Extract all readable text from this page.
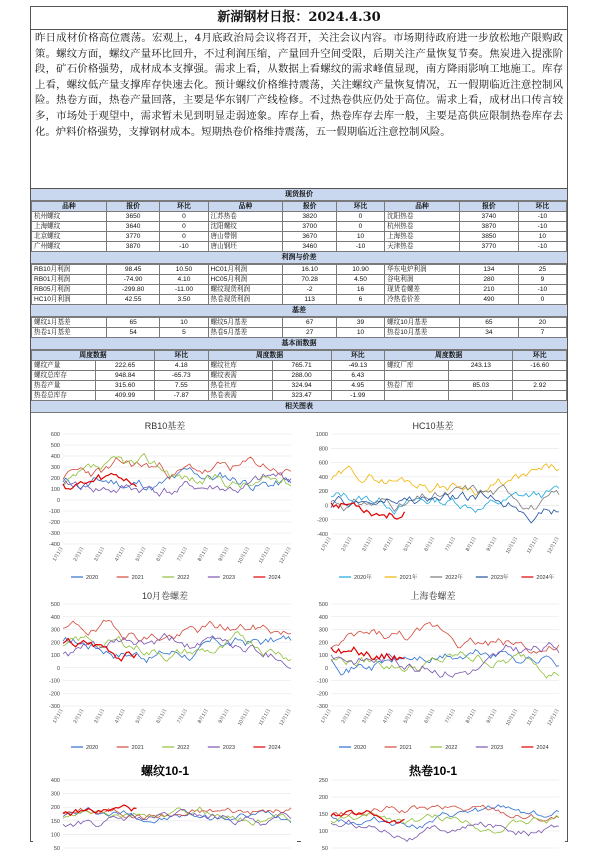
新湖钢材日报：2024.4.30
昨日成材价格高位震荡。宏观上，4月底政治局会议将召开，关注会议内容。市场期待政府进一步放松地产限购政策。螺纹方面，螺纹产量环比回升，不过利润压缩，产量回升空间受限，后期关注产量恢复节奏。焦炭进入提涨阶段，矿石价格强势，成材成本支撑强。需求上看，从数据上看螺纹的需求峰值显现，南方降雨影响工地施工。库存上看，螺纹低产量支撑库存快速去化。预计螺纹价格维持震荡，关注螺纹产量恢复情况，五一假期临近注意控制风险。热卷方面，热卷产量回落，主要是华东钢厂产线检修。不过热卷供应仍处于高位。需求上看，成材出口传言较多，市场处于观望中，需求暂未见到明显走弱迹象。库存上看，热卷库存去库一般，主要是高供应限制热卷库存去化。炉料价格强势，支撑钢材成本。短期热卷价格维持震荡，五一假期临近注意控制风险。
现货报价
品种	报价	环比	品种	报价	环比	品种	报价	环比
杭州螺纹	3650	0	江苏热卷	3820	0	沈阳热卷	3740	-10
上海螺纹	3640	0	沈阳螺纹	3700	0	杭州热卷	3870	-10
北京螺纹	3770	0	唐山带钢	3670	10	上海热卷	3850	10
广州螺纹	3870	-10	唐山钢坯	3460	-10	天津热卷	3770	-10
利润与价差
RB10月利润	98.45	10.50	HC01月利润	16.10	10.90	华东电炉利润	134	25
RB01月利润	-74.90	4.10	HC05月利润	70.28	4.50	谷电利润	280	9
RB05月利润	-299.80	-11.00	螺纹现货利润	-2	16	现货卷螺差	210	-10
HC10月利润	42.55	3.50	热卷现货利润	113	6	冷热卷价差	490	0
基差
螺纹1月基差	65	10	螺纹5月基差	67	39	螺纹10月基差	65	20
热卷1月基差	54	5	热卷5月基差	27	10	热卷10月基差	34	7
基本面数据
周度数据		环比	周度数据		环比	周度数据		环比
螺纹产量	222.65	4.18	螺纹社库	765.71	-49.13	螺纹厂库	243.13	-16.60
螺纹总库存	948.84	-65.73	螺纹表需	288.00	6.43			
热卷产量	315.60	7.55	热卷社库	324.94	4.95	热卷厂库	85.03	2.92
热卷总库存	409.99	-7.87	热卷表需	323.47	-1.99			
相关图表
RB10基差
600
500
400
300
200
100
0
-100
-200
-300
-400
1月1日 2月1日 3月1日 4月1日 5月1日 6月1日 7月1日 8月1日 9月1日 10月1日 11月1日 12月1日
2020	2021	2022	2023	2024
HC10基差
1000
800
600
400
200
0
-200
-400
1月1日 2月1日 3月1日 4月1日 5月1日 6月1日 7月1日 8月1日 9月1日 10月1日 11月1日 12月1日
2020年	2021年	2022年	2023年	2024年
10月卷螺差
500
400
300
200
100
0
-100
-200
-300
1月1日 2月1日 3月1日 4月1日 5月1日 6月1日 7月1日 8月1日 9月1日 10月1日 11月1日 12月1日
2020	2021	2022	2023	2024
上海卷螺差
500
400
300
200
100
0
-100
-200
-300
1月1日 2月1日 3月1日 4月1日 5月1日 6月1日 7月1日 8月1日 9月1日 10月1日 11月1日 12月1日
2020	2021	2022	2023	2024
螺纹10-1
400
300
200
150
100
50
热卷10-1
250
200
150
100
50
